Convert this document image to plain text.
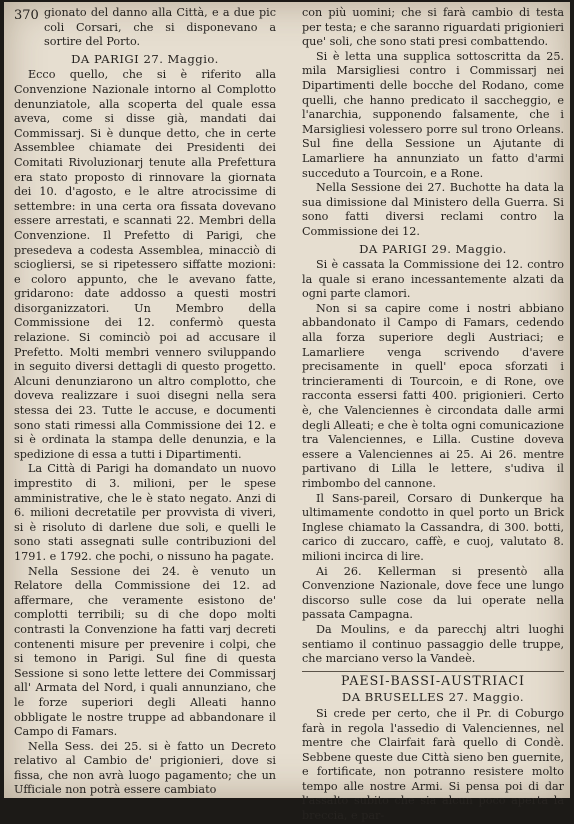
370 gionato del danno alla Città, e a due pic coli Corsari, che si disponevano a sortire del Porto.

DA PARIGI 27. Maggio.

Ecco quello, che si è riferito alla Convenzione Nazionale intorno al Complotto denunziatole, alla scoperta del quale essa aveva, come si disse già, mandati dai Commissarj. Si è dunque detto, che in certe Assemblee chiamate dei Presidenti dei Comitati Rivoluzionarj tenute alla Prefettura era stato proposto di rinnovare la giornata dei 10. d'agosto, e le altre atrocissime di settembre: in una certa ora fissata dovevano essere arrestati, e scannati 22. Membri della Convenzione. Il Prefetto di Parigi, che presedeva a codesta Assemblea, minacciò di sciogliersi, se si ripetessero siffatte mozioni: e coloro appunto, che le avevano fatte, gridarono: date addosso a questi mostri disorganizzatori. Un Membro della Commissione dei 12. confermò questa relazione. Si cominciò poi ad accusare il Prefetto. Molti membri vennero sviluppando in seguito diversi dettagli di questo progetto. Alcuni denunziarono un altro complotto, che doveva realizzare i suoi disegni nella sera stessa dei 23. Tutte le accuse, e documenti sono stati rimessi alla Commissione dei 12. e si è ordinata la stampa delle denunzia, e la spedizione di essa a tutti i Dipartimenti.

La Città di Parigi ha domandato un nuovo imprestito di 3. milioni, per le spese amministrative, che le è stato negato. Anzi di 6. milioni decretatile per provvista di viveri, si è risoluto di darlene due soli, e quelli le sono stati assegnati sulle contribuzioni del 1791. e 1792. che pochi, o nissuno ha pagate.

Nella Sessione dei 24. è venuto un Relatore della Commissione dei 12. ad affermare, che veramente esistono de' complotti terribili; su di che dopo molti contrasti la Convenzione ha fatti varj decreti contenenti misure per prevenire i colpi, che si temono in Parigi. Sul fine di questa Sessione si sono lette lettere dei Commissarj all' Armata del Nord, i quali annunziano, che le forze superiori degli Alleati hanno obbligate le nostre truppe ad abbandonare il Campo di Famars.

Nella Sess. dei 25. si è fatto un Decreto relativo al Cambio de' prigionieri, dove si fissa, che non avrà luogo pagamento; che un Ufficiale non potrà essere cambiato

con più uomini; che si farà cambio di testa per testa; e che saranno riguardati prigionieri que' soli, che sono stati presi combattendo.

Si è letta una supplica sottoscritta da 25. mila Marsigliesi contro i Commissarj nei Dipartimenti delle bocche del Rodano, come quelli, che hanno predicato il saccheggio, e l'anarchia, supponendo falsamente, che i Marsigliesi volessero porre sul trono Orleans. Sul fine della Sessione un Ajutante di Lamarliere ha annunziato un fatto d'armi succeduto a Tourcoin, e a Rone.

Nella Sessione dei 27. Buchotte ha data la sua dimissione dal Ministero della Guerra. Si sono fatti diversi reclami contro la Commissione dei 12.

DA PARIGI 29. Maggio.

Si è cassata la Commissione dei 12. contro la quale si erano incessantemente alzati da ogni parte clamori.

Non si sa capire come i nostri abbiano abbandonato il Campo di Famars, cedendo alla forza superiore degli Austriaci; e Lamarliere venga scrivendo d'avere precisamente in quell' epoca sforzati i trincieramenti di Tourcoin, e di Rone, ove racconta essersi fatti 400. prigionieri. Certo è, che Valenciennes è circondata dalle armi degli Alleati; e che è tolta ogni comunicazione tra Valenciennes, e Lilla. Custine doveva essere a Valenciennes ai 25. Ai 26. mentre partivano di Lilla le lettere, s'udiva il rimbombo del cannone.

Il Sans-pareil, Corsaro di Dunkerque ha ultimamente condotto in quel porto un Brick Inglese chiamato la Cassandra, di 300. botti, carico di zuccaro, caffè, e cuoj, valutato 8. milioni incirca di lire.

Ai 26. Kellerman si presentò alla Convenzione Nazionale, dove fece une lungo discorso sulle cose da lui operate nella passata Campagna.

Da Moulins, e da parecchj altri luoghi sentiamo il continuo passaggio delle truppe, che marciano verso la Vandeè.

PAESI-BASSI-AUSTRIACI
DA BRUSELLES 27. Maggio.

Si crede per certo, che il Pr. di Coburgo farà in regola l'assedio di Valenciennes, nel mentre che Clairfait farà quello di Condè. Sebbene queste due Città sieno ben guernite, e fortificate, non potranno resistere molto tempo alle nostre Armi. Si pensa poi di dar l'assalto subito che sia alcun poco aperta la breccia, e par-
